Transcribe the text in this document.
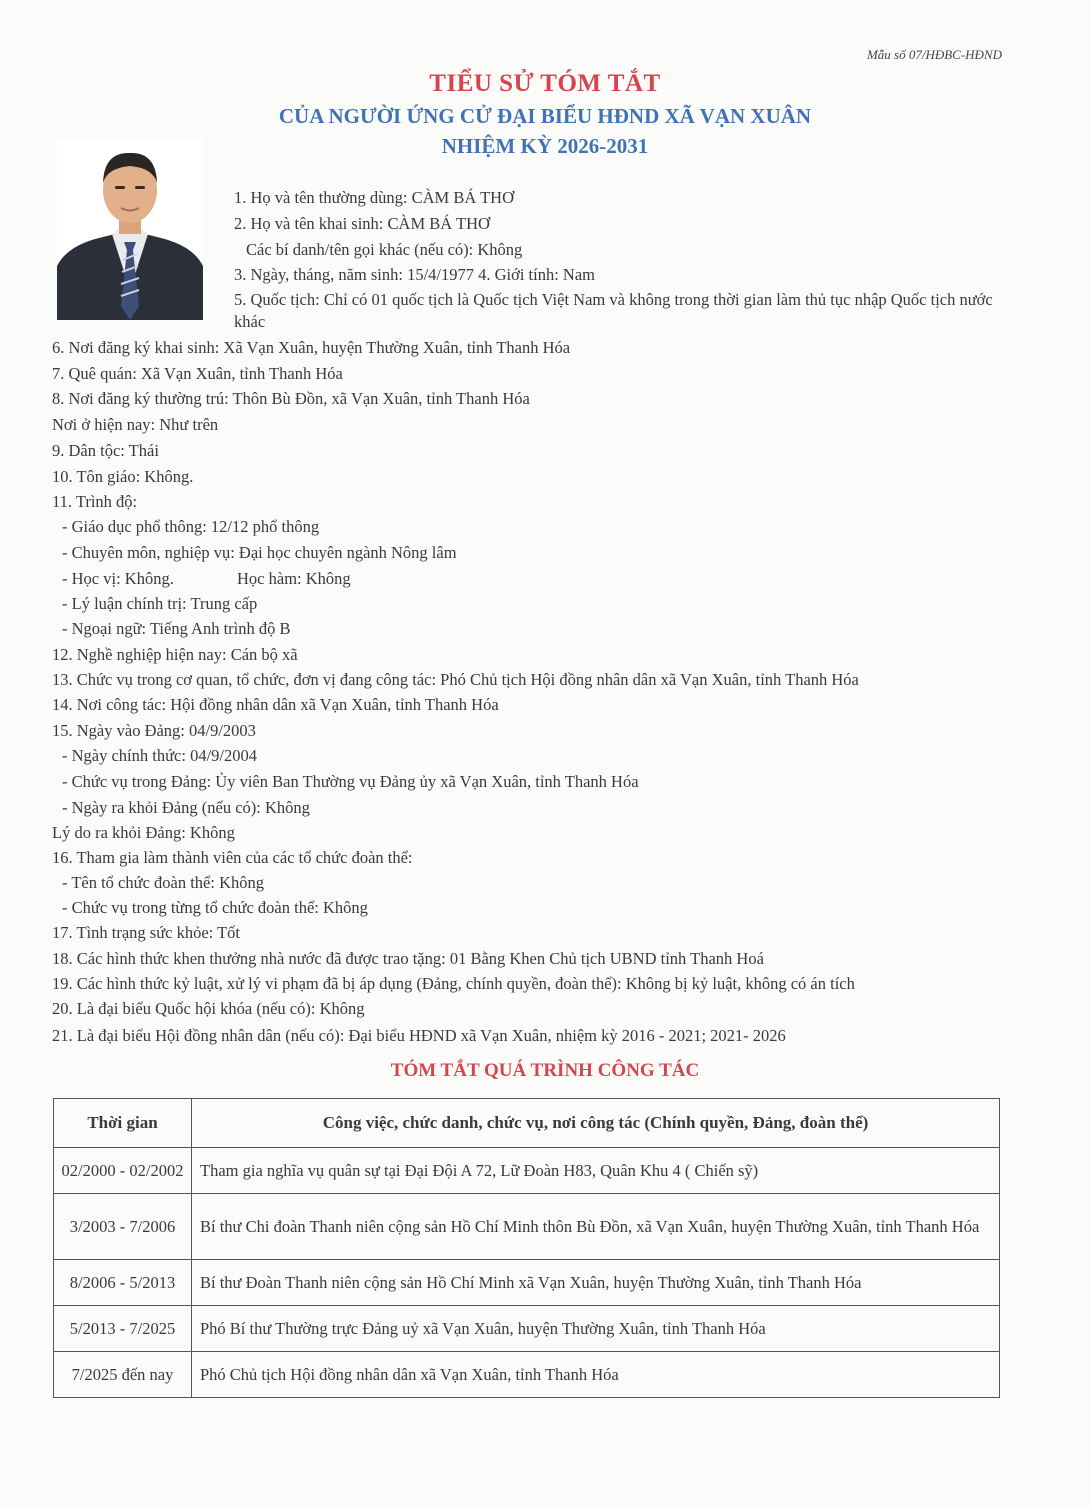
Mẫu số 07/HĐBC-HĐND
TIỂU SỬ TÓM TẮT
CỦA NGƯỜI ỨNG CỬ ĐẠI BIỂU HĐND XÃ VẠN XUÂN
NHIỆM KỲ 2026-2031
1. Họ và tên thường dùng: CÀM BÁ THƠ
2. Họ và tên khai sinh: CÀM BÁ THƠ
Các bí danh/tên gọi khác (nếu có): Không
3. Ngày, tháng, năm sinh: 15/4/1977 4. Giới tính: Nam
5. Quốc tịch: Chỉ có 01 quốc tịch là Quốc tịch Việt Nam và không trong thời gian làm thủ tục nhập Quốc tịch nước khác
6. Nơi đăng ký khai sinh: Xã Vạn Xuân, huyện Thường Xuân, tỉnh Thanh Hóa
7. Quê quán: Xã Vạn Xuân, tỉnh Thanh Hóa
8. Nơi đăng ký thường trú: Thôn Bù Đồn, xã Vạn Xuân, tỉnh Thanh Hóa
Nơi ở hiện nay: Như trên
9. Dân tộc: Thái
10. Tôn giáo: Không.
11. Trình độ:
- Giáo dục phổ thông: 12/12 phổ thông
- Chuyên môn, nghiệp vụ: Đại học chuyên ngành Nông lâm
- Học vị: Không.	Học hàm: Không
- Lý luận chính trị: Trung cấp
- Ngoại ngữ: Tiếng Anh trình độ B
12. Nghề nghiệp hiện nay: Cán bộ xã
13. Chức vụ trong cơ quan, tổ chức, đơn vị đang công tác: Phó Chủ tịch Hội đồng nhân dân xã Vạn Xuân, tỉnh Thanh Hóa
14. Nơi công tác: Hội đồng nhân dân xã Vạn Xuân, tỉnh Thanh Hóa
15. Ngày vào Đảng: 04/9/2003
- Ngày chính thức: 04/9/2004
- Chức vụ trong Đảng: Ủy viên Ban Thường vụ Đảng ủy xã Vạn Xuân, tỉnh Thanh Hóa
- Ngày ra khỏi Đảng (nếu có): Không
Lý do ra khỏi Đảng: Không
16. Tham gia làm thành viên của các tổ chức đoàn thể:
- Tên tổ chức đoàn thể: Không
- Chức vụ trong từng tổ chức đoàn thể: Không
17. Tình trạng sức khỏe: Tốt
18. Các hình thức khen thưởng nhà nước đã được trao tặng: 01 Bằng Khen Chủ tịch UBND tỉnh Thanh Hoá
19. Các hình thức kỷ luật, xử lý vi phạm đã bị áp dụng (Đảng, chính quyền, đoàn thể): Không bị kỷ luật, không có án tích
20. Là đại biểu Quốc hội khóa (nếu có): Không
21. Là đại biểu Hội đồng nhân dân (nếu có): Đại biểu HĐND xã Vạn Xuân, nhiệm kỳ 2016 - 2021; 2021- 2026
TÓM TẮT QUÁ TRÌNH CÔNG TÁC
Thời gian	Công việc, chức danh, chức vụ, nơi công tác (Chính quyền, Đảng, đoàn thể)
02/2000 - 02/2002	Tham gia nghĩa vụ quân sự tại Đại Đội A 72, Lữ Đoàn H83, Quân Khu 4 ( Chiến sỹ)
3/2003 - 7/2006	Bí thư Chi đoàn Thanh niên cộng sản Hồ Chí Minh thôn Bù Đồn, xã Vạn Xuân, huyện Thường Xuân, tỉnh Thanh Hóa
8/2006 - 5/2013	Bí thư Đoàn Thanh niên cộng sản Hồ Chí Minh xã Vạn Xuân, huyện Thường Xuân, tỉnh Thanh Hóa
5/2013 - 7/2025	Phó Bí thư Thường trực Đảng uỷ xã Vạn Xuân, huyện Thường Xuân, tỉnh Thanh Hóa
7/2025 đến nay	Phó Chủ tịch Hội đồng nhân dân xã Vạn Xuân, tỉnh Thanh Hóa
